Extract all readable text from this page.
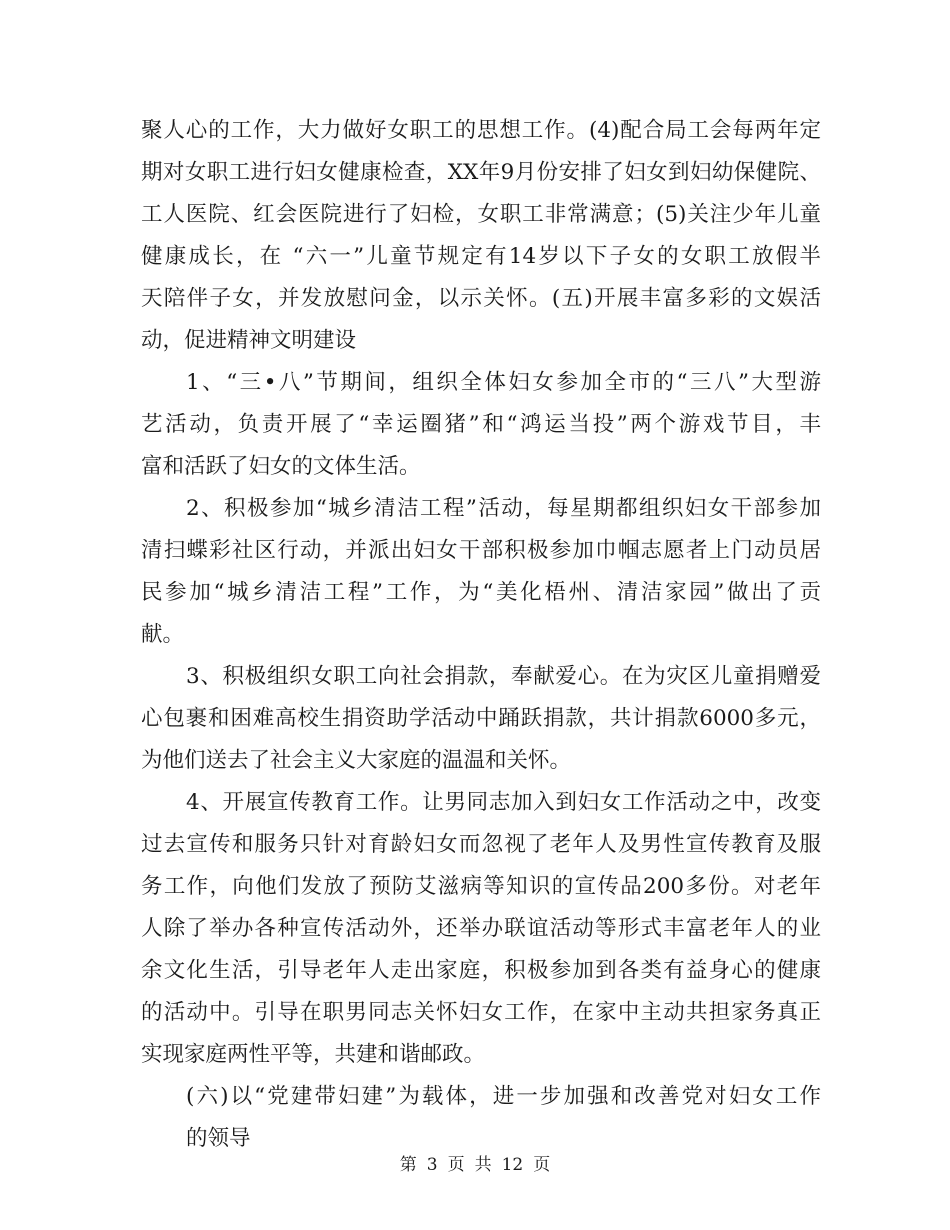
聚人心的工作，大力做好女职工的思想工作。(4)配合局工会每两年定
期对女职工进行妇女健康检查，XX年9月份安排了妇女到妇幼保健院、
工人医院、红会医院进行了妇检，女职工非常满意；(5)关注少年儿童
健康成长，在 “六一”儿童节规定有14岁以下子女的女职工放假半
天陪伴子女，并发放慰问金，以示关怀。(五)开展丰富多彩的文娱活
动，促进精神文明建设
1、“三•八”节期间，组织全体妇女参加全市的“三八”大型游
艺活动，负责开展了“幸运圈猪”和“鸿运当投”两个游戏节目，丰
富和活跃了妇女的文体生活。
2、积极参加“城乡清洁工程”活动，每星期都组织妇女干部参加
清扫蝶彩社区行动，并派出妇女干部积极参加巾帼志愿者上门动员居
民参加“城乡清洁工程”工作，为“美化梧州、清洁家园”做出了贡
献。
3、积极组织女职工向社会捐款，奉献爱心。在为灾区儿童捐赠爱
心包裹和困难高校生捐资助学活动中踊跃捐款，共计捐款6000多元，
为他们送去了社会主义大家庭的温温和关怀。
4、开展宣传教育工作。让男同志加入到妇女工作活动之中，改变
过去宣传和服务只针对育龄妇女而忽视了老年人及男性宣传教育及服
务工作，向他们发放了预防艾滋病等知识的宣传品200多份。对老年
人除了举办各种宣传活动外，还举办联谊活动等形式丰富老年人的业
余文化生活，引导老年人走出家庭，积极参加到各类有益身心的健康
的活动中。引导在职男同志关怀妇女工作，在家中主动共担家务真正
实现家庭两性平等，共建和谐邮政。
(六)以“党建带妇建”为载体，进一步加强和改善党对妇女工作
的领导
第 3 页 共 12 页
